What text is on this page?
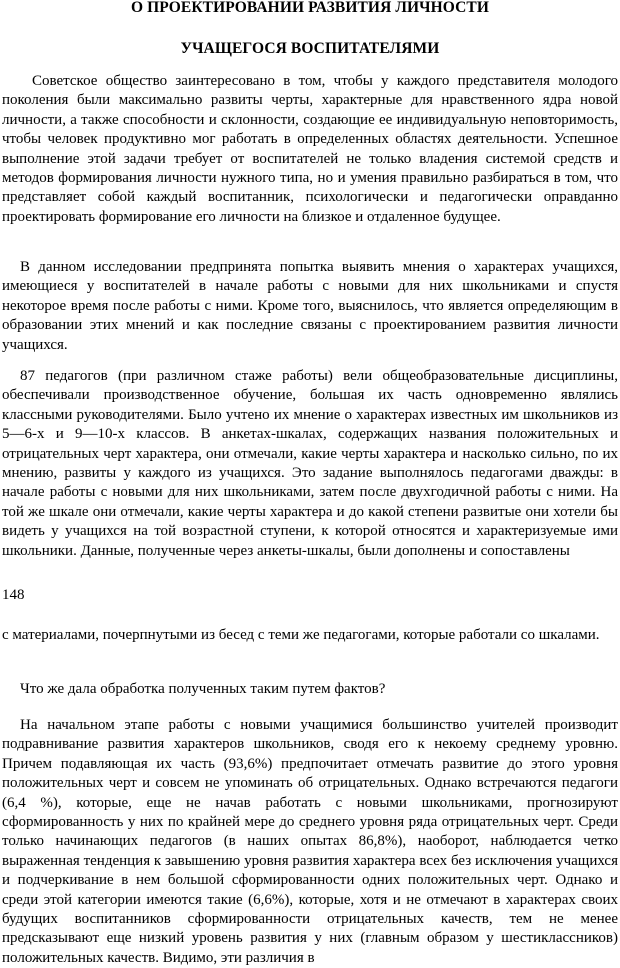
О ПРОЕКТИРОВАНИИ РАЗВИТИЯ ЛИЧНОСТИ
УЧАЩЕГОСЯ ВОСПИТАТЕЛЯМИ

Советское общество заинтересовано в том, чтобы у каждого представителя молодого поколения были максимально развиты черты, характерные для нравственного ядра новой личности, а также способности и склонности, создающие ее индивидуальную неповторимость, чтобы человек продуктивно мог работать в определенных областях деятельности. Успешное выполнение этой задачи требует от воспитателей не только владения системой средств и методов формирования личности нужного типа, но и умения правильно разбираться в том, что представляет собой каждый воспитанник, психологически и педагогически оправданно проектировать формирование его личности на близкое и отдаленное будущее.

В данном исследовании предпринята попытка выявить мнения о характерах учащихся, имеющиеся у воспитателей в начале работы с новыми для них школьниками и спустя некоторое время после работы с ними. Кроме того, выяснилось, что является определяющим в образовании этих мнений и как последние связаны с проектированием развития личности учащихся.

87 педагогов (при различном стаже работы) вели общеобразовательные дисциплины, обеспечивали производственное обучение, большая их часть одновременно являлись классными руководителями. Было учтено их мнение о характерах известных им школьников из 5—6-х и 9—10-х классов. В анкетах-шкалах, содержащих названия положительных и отрицательных черт характера, они отмечали, какие черты характера и насколько сильно, по их мнению, развиты у каждого из учащихся. Это задание выполнялось педагогами дважды: в начале работы с новыми для них школьниками, затем после двухгодичной работы с ними. На той же шкале они отмечали, какие черты характера и до какой степени развитые они хотели бы видеть у учащихся на той возрастной ступени, к которой относятся и характеризуемые ими школьники. Данные, полученные через анкеты-шкалы, были дополнены и сопоставлены

148

с материалами, почерпнутыми из бесед с теми же педагогами, которые работали со шкалами.

Что же дала обработка полученных таким путем фактов?

На начальном этапе работы с новыми учащимися большинство учителей производит подравнивание развития характеров школьников, сводя его к некоему среднему уровню. Причем подавляющая их часть (93,6%) предпочитает отмечать развитие до этого уровня положительных черт и совсем не упоминать об отрицательных. Однако встречаются педагоги (6,4 %), которые, еще не начав работать с новыми школьниками, прогнозируют сформированность у них по крайней мере до среднего уровня ряда отрицательных черт. Среди только начинающих педагогов (в наших опытах 86,8%), наоборот, наблюдается четко выраженная тенденция к завышению уровня развития характера всех без исключения учащихся и подчеркивание в нем большой сформированности одних положительных черт. Однако и среди этой категории имеются такие (6,6%), которые, хотя и не отмечают в характерах своих будущих воспитанников сформированности отрицательных качеств, тем не менее предсказывают еще низкий уровень развития у них (главным образом у шестиклассников) положительных качеств. Видимо, эти различия в
